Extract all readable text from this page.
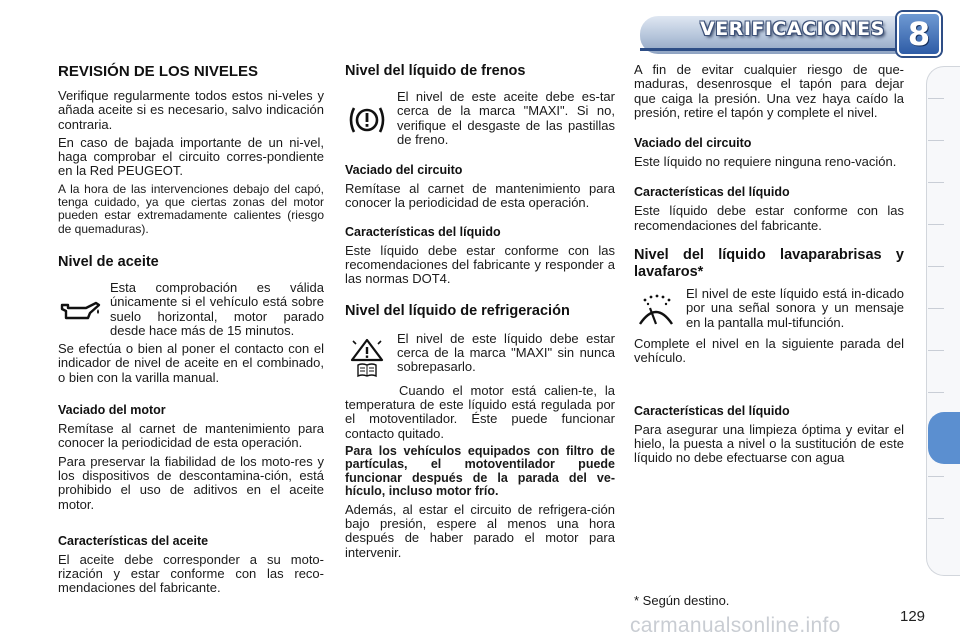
VERIFICACIONES 8
REVISIÓN DE LOS NIVELES

Verifique regularmente todos estos ni-veles y añada aceite si es necesario, salvo indicación contraria.

En caso de bajada importante de un ni-vel, haga comprobar el circuito corres-pondiente en la Red PEUGEOT.

A la hora de las intervenciones debajo del capó, tenga cuidado, ya que ciertas zonas del motor pueden estar extremadamente calientes (riesgo de quemaduras).

Nivel de aceite
Esta comprobación es válida únicamente si el vehículo está sobre suelo horizontal, motor parado desde hace más de 15 minutos.

Se efectúa o bien al poner el contacto con el indicador de nivel de aceite en el combinado, o bien con la varilla manual.

Vaciado del motor

Remítase al carnet de mantenimiento para conocer la periodicidad de esta operación.

Para preservar la fiabilidad de los moto-res y los dispositivos de descontamina-ción, está prohibido el uso de aditivos en el aceite motor.

Características del aceite

El aceite debe corresponder a su moto-rización y estar conforme con las reco-mendaciones del fabricante.

Nivel del líquido de frenos
El nivel de este aceite debe es-tar cerca de la marca "MAXI". Si no, verifique el desgaste de las pastillas de freno.
Vaciado del circuito

Remítase al carnet de mantenimiento para conocer la periodicidad de esta operación.

Características del líquido

Este líquido debe estar conforme con las recomendaciones del fabricante y responder a las normas DOT4.

Nivel del líquido de refrigeración
El nivel de este líquido debe estar cerca de la marca "MAXI" sin nunca sobrepasarlo.

Cuando el motor está calien-te, la temperatura de este líquido está regulada por el motoventilador. Éste puede funcionar contacto quitado.

Para los vehículos equipados con filtro de partículas, el motoventilador puede funcionar después de la parada del ve-hículo, incluso motor frío.

Además, al estar el circuito de refrigera-ción bajo presión, espere al menos una hora después de haber parado el motor para intervenir.

A fin de evitar cualquier riesgo de que-maduras, desenrosque el tapón para dejar que caiga la presión. Una vez haya caído la presión, retire el tapón y complete el nivel.

Vaciado del circuito

Este líquido no requiere ninguna reno-vación.

Características del líquido

Este líquido debe estar conforme con las recomendaciones del fabricante.

Nivel del líquido lavaparabrisas y lavafaros*
El nivel de este líquido está in-dicado por una señal sonora y un mensaje en la pantalla mul-tifunción.

Complete el nivel en la siguiente parada del vehículo.

Características del líquido

Para asegurar una limpieza óptima y evitar el hielo, la puesta a nivel o la sustitución de este líquido no debe efectuarse con agua

* Según destino.
carmanualsonline.info	129
